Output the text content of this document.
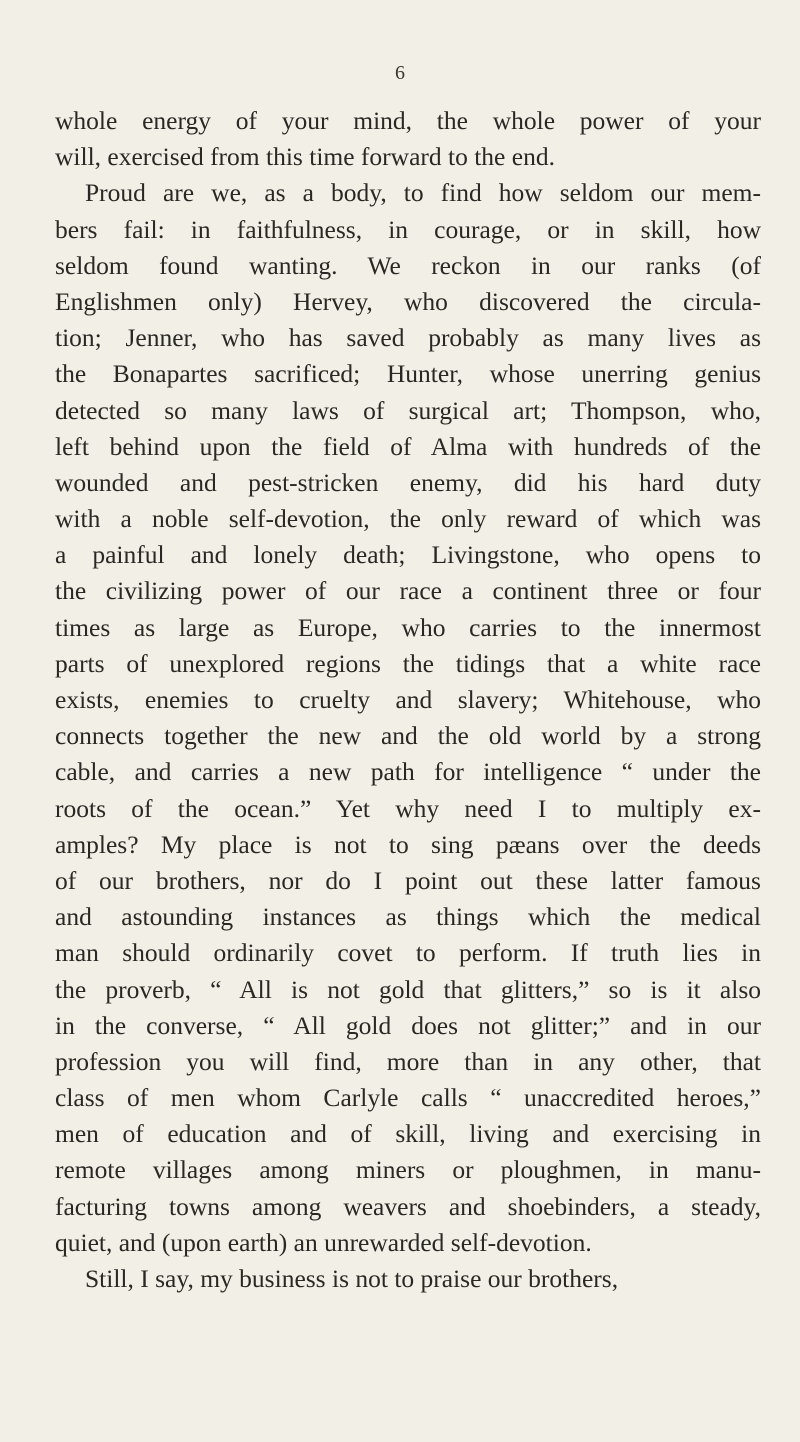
6
whole energy of your mind, the whole power of your
will, exercised from this time forward to the end.
Proud are we, as a body, to find how seldom our mem-
bers fail: in faithfulness, in courage, or in skill, how
seldom found wanting. We reckon in our ranks (of
Englishmen only) Hervey, who discovered the circula-
tion; Jenner, who has saved probably as many lives as
the Bonapartes sacrificed; Hunter, whose unerring genius
detected so many laws of surgical art; Thompson, who,
left behind upon the field of Alma with hundreds of the
wounded and pest-stricken enemy, did his hard duty
with a noble self-devotion, the only reward of which was
a painful and lonely death; Livingstone, who opens to
the civilizing power of our race a continent three or four
times as large as Europe, who carries to the innermost
parts of unexplored regions the tidings that a white race
exists, enemies to cruelty and slavery; Whitehouse, who
connects together the new and the old world by a strong
cable, and carries a new path for intelligence “ under the
roots of the ocean.” Yet why need I to multiply ex-
amples? My place is not to sing pæans over the deeds
of our brothers, nor do I point out these latter famous
and astounding instances as things which the medical
man should ordinarily covet to perform. If truth lies in
the proverb, “ All is not gold that glitters,” so is it also
in the converse, “ All gold does not glitter;” and in our
profession you will find, more than in any other, that
class of men whom Carlyle calls “ unaccredited heroes,”
men of education and of skill, living and exercising in
remote villages among miners or ploughmen, in manu-
facturing towns among weavers and shoebinders, a steady,
quiet, and (upon earth) an unrewarded self-devotion.
Still, I say, my business is not to praise our brothers,
